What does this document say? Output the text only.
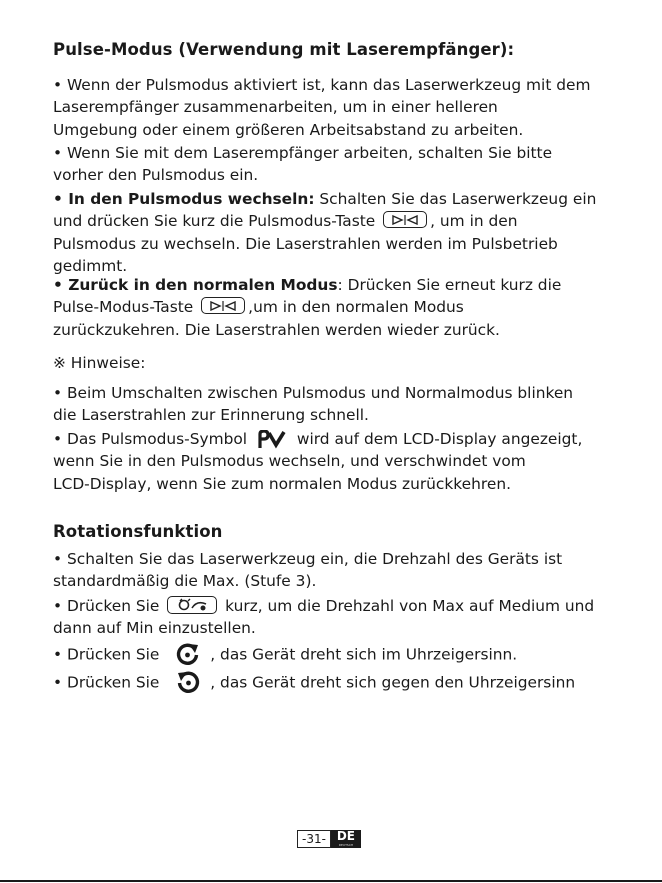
Pulse-Modus (Verwendung mit Laserempfänger):
• Wenn der Pulsmodus aktiviert ist, kann das Laserwerkzeug mit dem
Laserempfänger zusammenarbeiten, um in einer helleren
Umgebung oder einem größeren Arbeitsabstand zu arbeiten.
• Wenn Sie mit dem Laserempfänger arbeiten, schalten Sie bitte
vorher den Pulsmodus ein.
• In den Pulsmodus wechseln: Schalten Sie das Laserwerkzeug ein
und drücken Sie kurz die Pulsmodus-Taste	, um in den
Pulsmodus zu wechseln. Die Laserstrahlen werden im Pulsbetrieb
gedimmt.
• Zurück in den normalen Modus: Drücken Sie erneut kurz die
Pulse-Modus-Taste	,um in den normalen Modus
zurückzukehren. Die Laserstrahlen werden wieder zurück.
※ Hinweise:
• Beim Umschalten zwischen Pulsmodus und Normalmodus blinken
die Laserstrahlen zur Erinnerung schnell.
• Das Pulsmodus-Symbol	wird auf dem LCD-Display angezeigt,
wenn Sie in den Pulsmodus wechseln, und verschwindet vom
LCD-Display, wenn Sie zum normalen Modus zurückkehren.
Rotationsfunktion
• Schalten Sie das Laserwerkzeug ein, die Drehzahl des Geräts ist
standardmäßig die Max. (Stufe 3).
• Drücken Sie	kurz, um die Drehzahl von Max auf Medium und
dann auf Min einzustellen.
• Drücken Sie	, das Gerät dreht sich im Uhrzeigersinn.
• Drücken Sie	, das Gerät dreht sich gegen den Uhrzeigersinn
-31- DE
DEUTSCH
